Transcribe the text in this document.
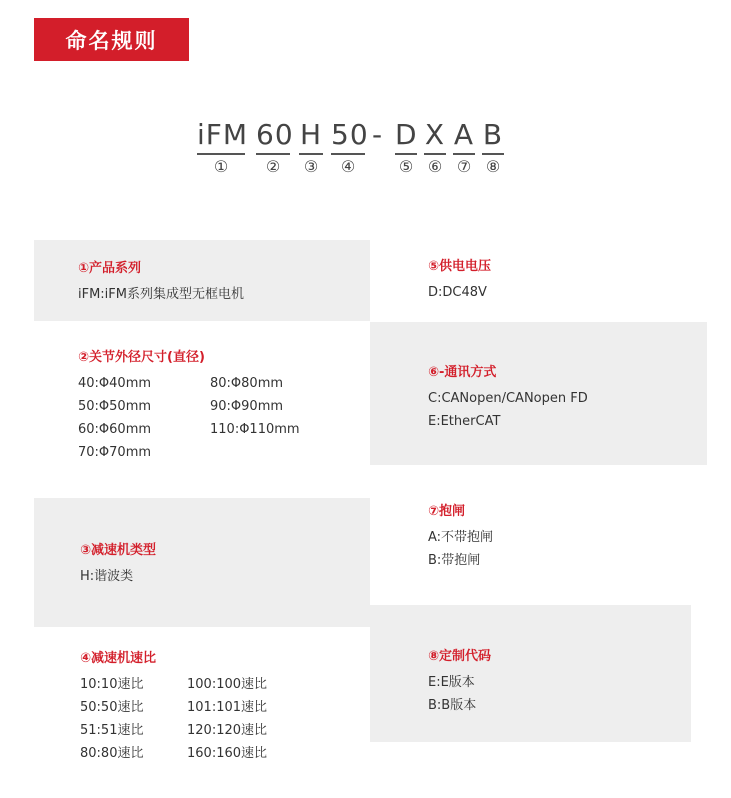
命名规则
iFM
①
60
②
H
③
50
④
- D
⑤
X
⑥
A
⑦
B
⑧
①产品系列
iFM:iFM系列集成型无框电机
②关节外径尺寸(直径)
40:Φ40mm
50:Φ50mm
60:Φ60mm
70:Φ70mm
80:Φ80mm
90:Φ90mm
110:Φ110mm
③减速机类型
H:谐波类
④减速机速比
10:10速比
50:50速比
51:51速比
80:80速比
100:100速比
101:101速比
120:120速比
160:160速比
⑤供电电压
D:DC48V
⑥-通讯方式
C:CANopen/CANopen FD
E:EtherCAT
⑦抱闸
A:不带抱闸
B:带抱闸
⑧定制代码
E:E版本
B:B版本
